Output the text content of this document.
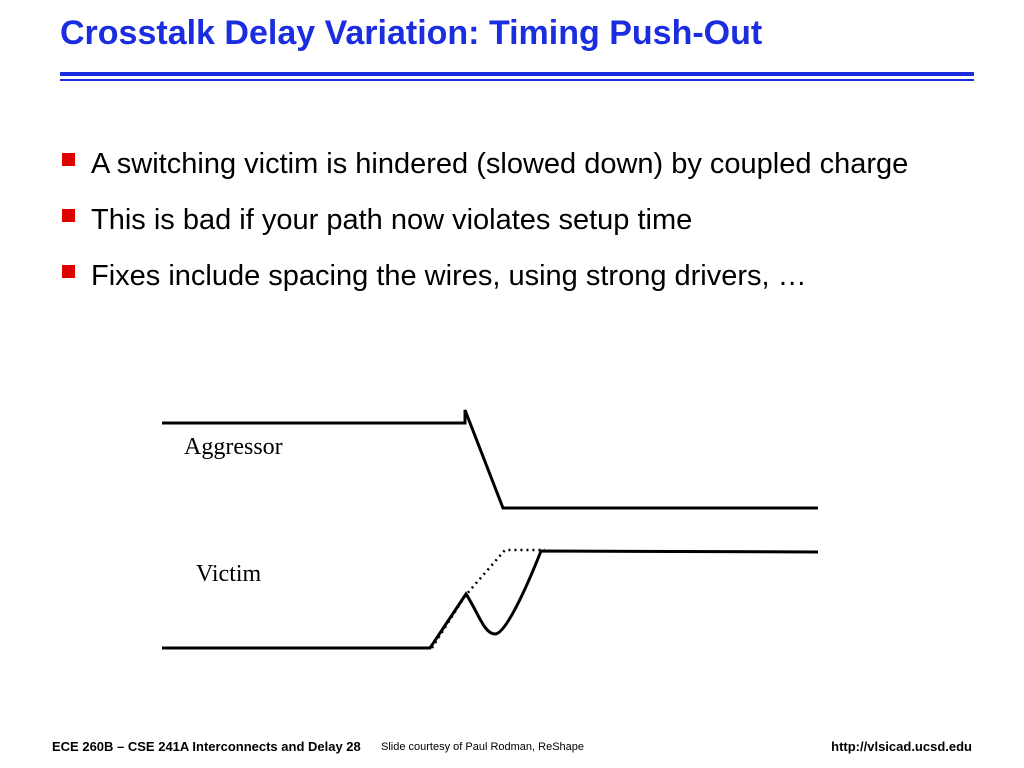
Crosstalk Delay Variation: Timing Push-Out
A switching victim is hindered (slowed down) by coupled charge
This is bad if your path now violates setup time
Fixes include spacing the wires, using strong drivers, …
Aggressor
Victim
ECE 260B – CSE 241A Interconnects and Delay 28 Slide courtesy of Paul Rodman, ReShape	http://vlsicad.ucsd.edu
